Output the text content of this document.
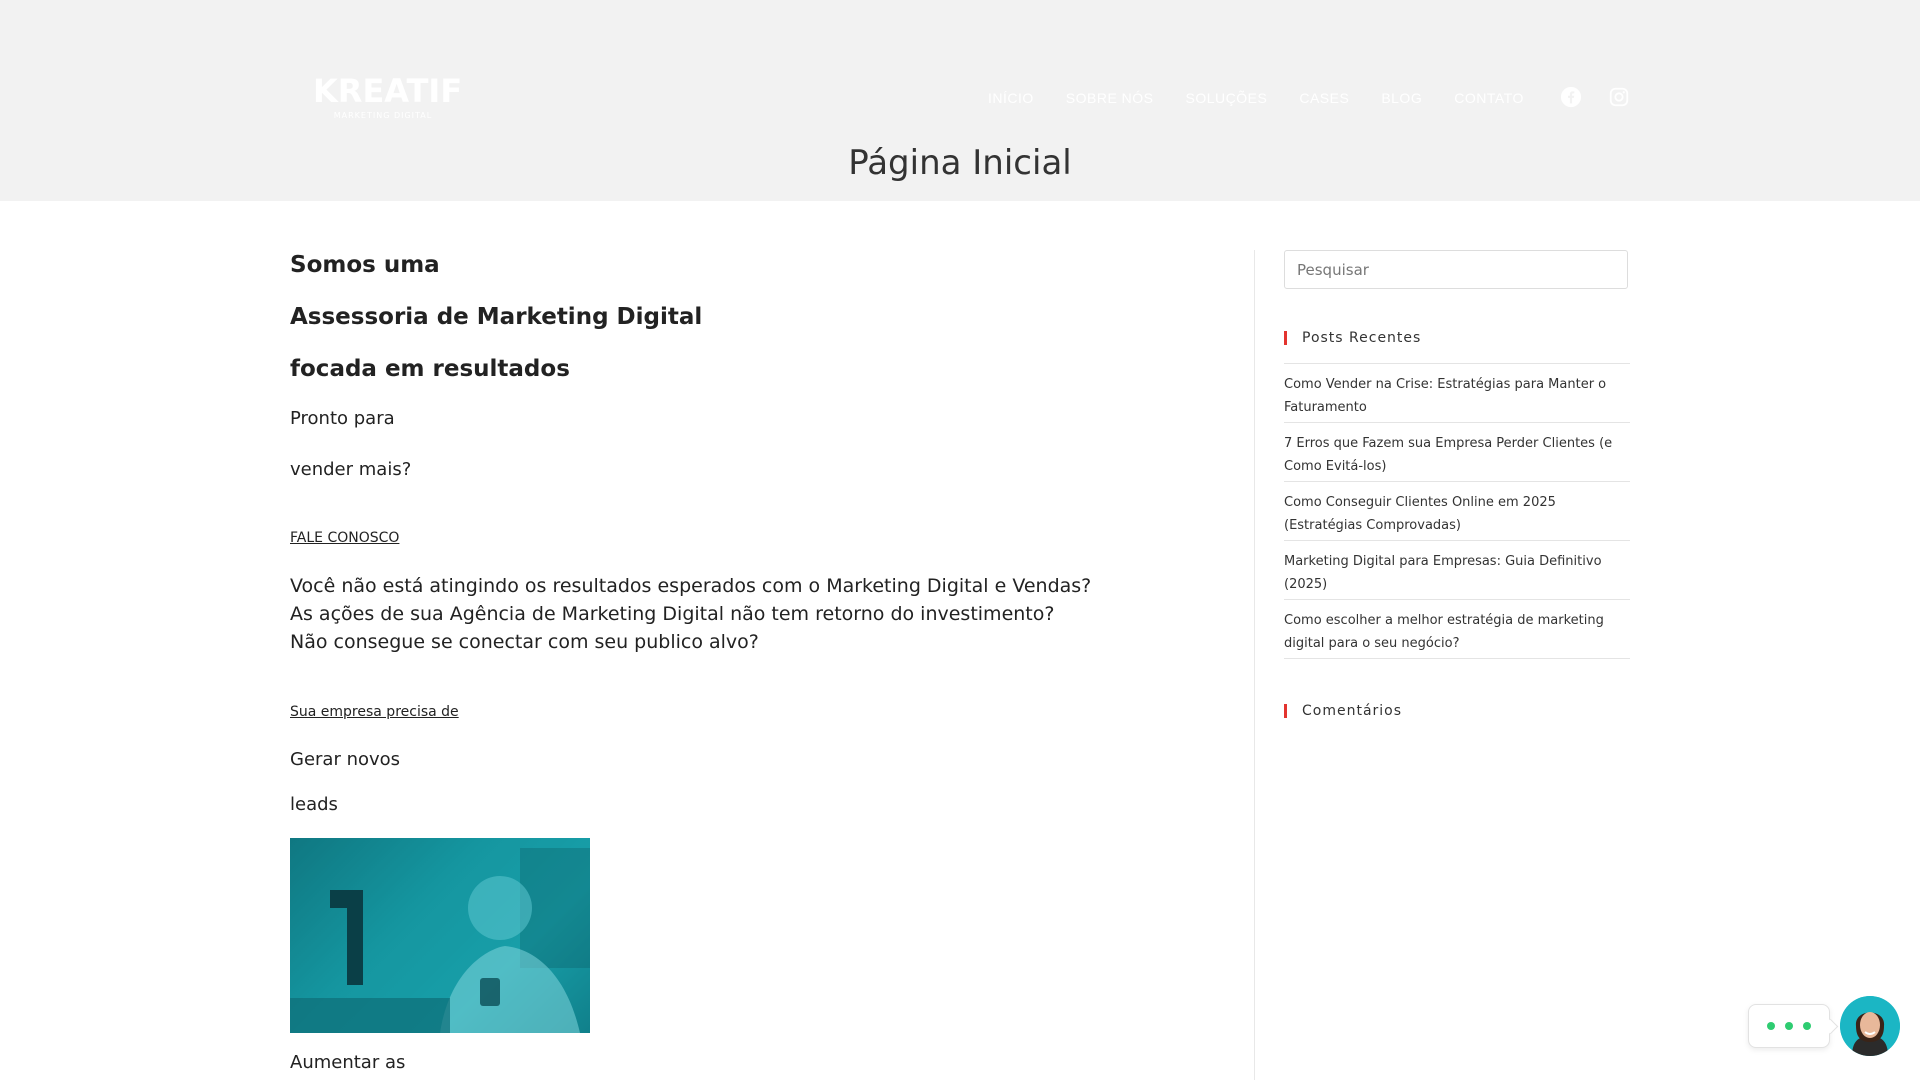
KREATIF
MARKETING DIGITAL
INÍCIO SOBRE NÓS SOLUÇÕES CASES BLOG CONTATO
Página Inicial
Somos uma
Assessoria de Marketing Digital
focada em resultados
Pronto para
vender mais?
FALE CONOSCO
Você não está atingindo os resultados esperados com o Marketing Digital e Vendas?
As ações de sua Agência de Marketing Digital não tem retorno do investimento?
Não consegue se conectar com seu publico alvo?
Sua empresa precisa de
Gerar novos
leads
Aumentar as
Pesquisar
Posts Recentes
Como Vender na Crise: Estratégias para Manter o Faturamento
7 Erros que Fazem sua Empresa Perder Clientes (e Como Evitá-los)
Como Conseguir Clientes Online em 2025 (Estratégias Comprovadas)
Marketing Digital para Empresas: Guia Definitivo (2025)
Como escolher a melhor estratégia de marketing digital para o seu negócio?
Comentários
